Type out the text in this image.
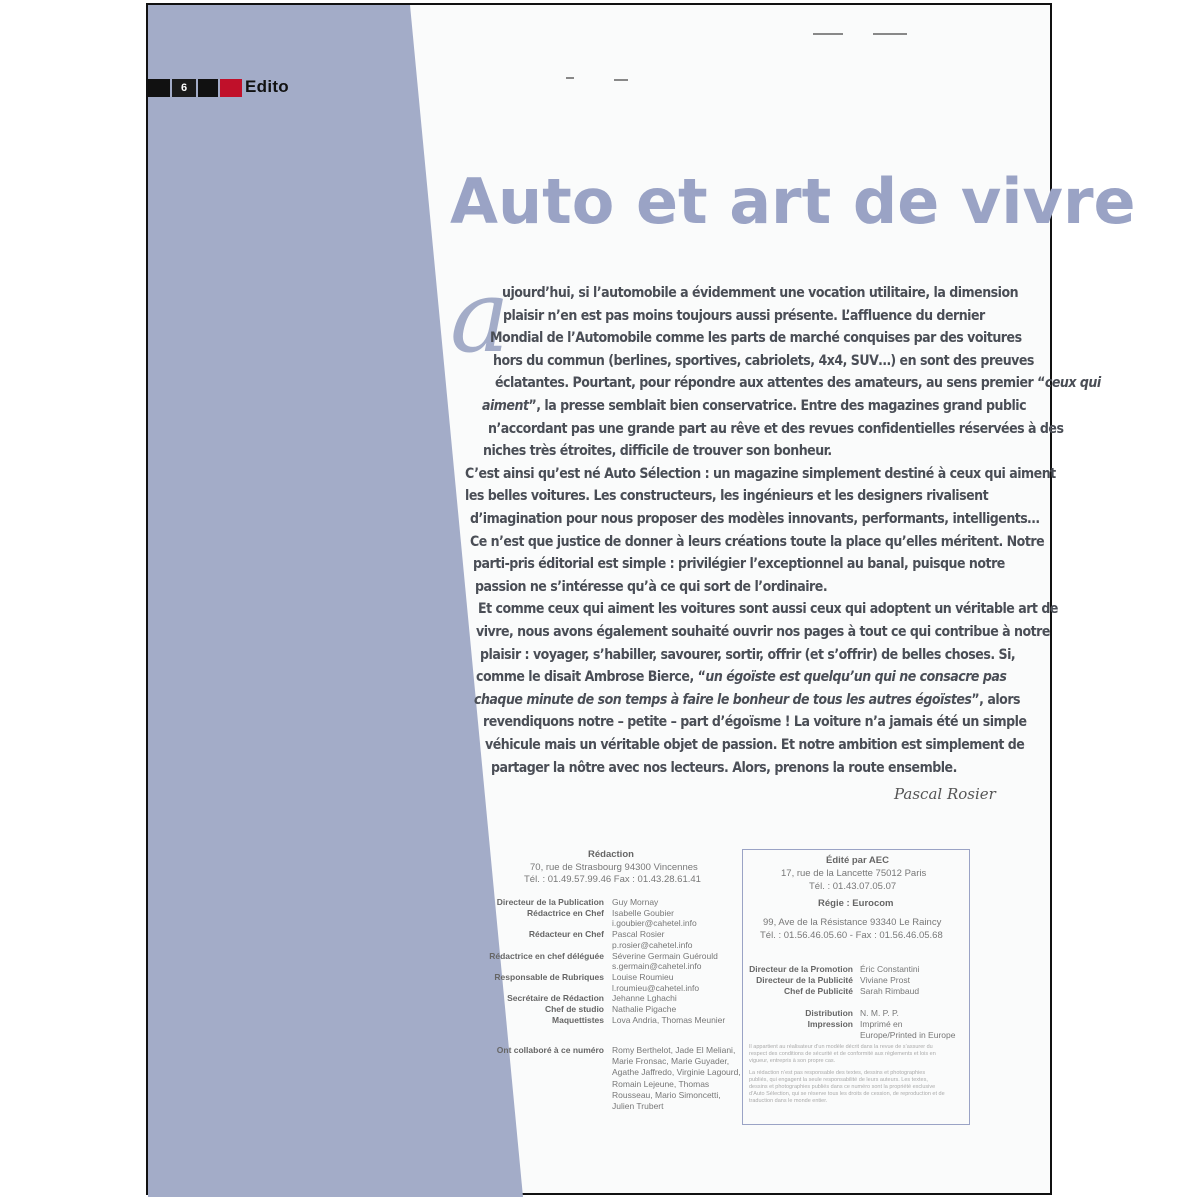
6	Edito
Auto et art de vivre
a
ujourd’hui, si l’automobile a évidemment une vocation utilitaire, la dimension
plaisir n’en est pas moins toujours aussi présente. L’affluence du dernier
Mondial de l’Automobile comme les parts de marché conquises par des voitures
hors du commun (berlines, sportives, cabriolets, 4x4, SUV…) en sont des preuves
éclatantes. Pourtant, pour répondre aux attentes des amateurs, au sens premier “ceux qui
aiment”, la presse semblait bien conservatrice. Entre des magazines grand public
n’accordant pas une grande part au rêve et des revues confidentielles réservées à des
niches très étroites, difficile de trouver son bonheur.
C’est ainsi qu’est né Auto Sélection : un magazine simplement destiné à ceux qui aiment
les belles voitures. Les constructeurs, les ingénieurs et les designers rivalisent
d’imagination pour nous proposer des modèles innovants, performants, intelligents…
Ce n’est que justice de donner à leurs créations toute la place qu’elles méritent. Notre
parti-pris éditorial est simple : privilégier l’exceptionnel au banal, puisque notre
passion ne s’intéresse qu’à ce qui sort de l’ordinaire.
Et comme ceux qui aiment les voitures sont aussi ceux qui adoptent un véritable art de
vivre, nous avons également souhaité ouvrir nos pages à tout ce qui contribue à notre
plaisir : voyager, s’habiller, savourer, sortir, offrir (et s’offrir) de belles choses. Si,
comme le disait Ambrose Bierce, “un égoïste est quelqu’un qui ne consacre pas
chaque minute de son temps à faire le bonheur de tous les autres égoïstes”, alors
revendiquons notre – petite – part d’égoïsme ! La voiture n’a jamais été un simple
véhicule mais un véritable objet de passion. Et notre ambition est simplement de
partager la nôtre avec nos lecteurs. Alors, prenons la route ensemble.
Pascal Rosier
Rédaction
70, rue de Strasbourg 94300 Vincennes
Tél. : 01.49.57.99.46 Fax : 01.43.28.61.41
Directeur de la Publication Guy Mornay
Rédactrice en Chef Isabelle Goubier
i.goubier@cahetel.info
Rédacteur en Chef Pascal Rosier
p.rosier@cahetel.info
Rédactrice en chef déléguée Séverine Germain Guérould
s.germain@cahetel.info
Responsable de Rubriques Louise Roumieu
l.roumieu@cahetel.info
Secrétaire de Rédaction Jehanne Lghachi
Chef de studio Nathalie Pigache
Maquettistes Lova Andria, Thomas Meunier
Ont collaboré à ce numéro Romy Berthelot, Jade El Meliani,
Marie Fronsac, Marie Guyader,
Agathe Jaffredo, Virginie Lagourd,
Romain Lejeune, Thomas
Rousseau, Mario Simoncetti,
Julien Trubert
Édité par AEC
17, rue de la Lancette 75012 Paris
Tél. : 01.43.07.05.07
Régie : Eurocom
99, Ave de la Résistance 93340 Le Raincy
Tél. : 01.56.46.05.60 - Fax : 01.56.46.05.68
Directeur de la Promotion Éric Constantini
Directeur de la Publicité Viviane Prost
Chef de Publicité Sarah Rimbaud
Distribution N. M. P. P.
Impression Imprimé en
Europe/Printed in Europe
Il appartient au réalisateur d’un modèle décrit dans la revue de s’assurer du
respect des conditions de sécurité et de conformité aux règlements et lois en
vigueur, entrepris à son propre cas.
La rédaction n’est pas responsable des textes, dessins et photographies
publiés, qui engagent la seule responsabilité de leurs auteurs. Les textes,
dessins et photographies publiés dans ce numéro sont la propriété exclusive
d’Auto Sélection, qui se réserve tous les droits de cession, de reproduction et de
traduction dans le monde entier.
